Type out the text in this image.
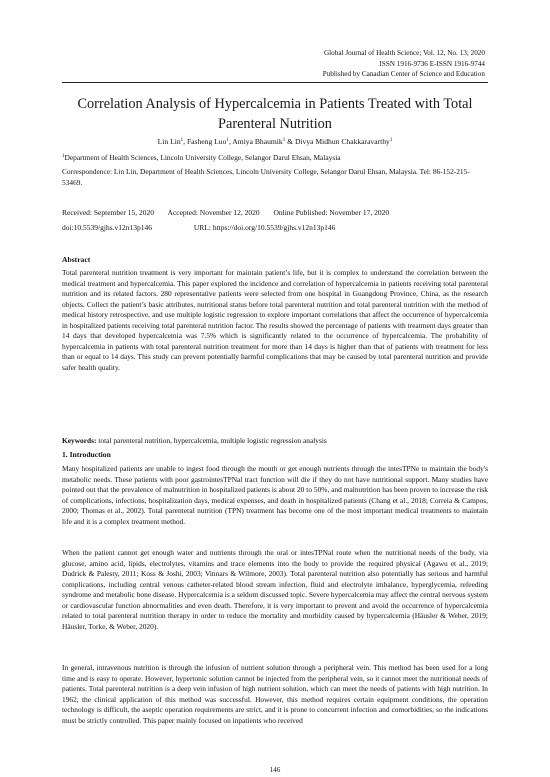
Global Journal of Health Science; Vol. 12, No. 13; 2020
ISSN 1916-9736 E-ISSN 1916-9744
Published by Canadian Center of Science and Education
Correlation Analysis of Hypercalcemia in Patients Treated with Total Parenteral Nutrition
Lin Lin$^1$, Fasheng Luo$^1$, Amiya Bhaumik$^1$ & Divya Midhun Chakkaravarthy$^1$
$^1$Department of Health Sciences, Lincoln University College, Selangor Darul Ehsan, Malaysia
Correspondence: Lin Lin, Department of Health Sciences, Lincoln University College, Selangor Darul Ehsan, Malaysia. Tel: 86-152-215-53469.
Received: September 15, 2020 Accepted: November 12, 2020 Online Published: November 17, 2020
doi:10.5539/gjhs.v12n13p146	URL: https://doi.org/10.5539/gjhs.v12n13p146
Abstract
Total parenteral nutrition treatment is very important for maintain patient’s life, but it is complex to understand the correlation between the medical treatment and hypercalcemia. This paper explored the incidence and correlation of hypercalcemia in patients receiving total parenteral nutrition and its related factors. 280 representative patients were selected from one hospital in Guangdong Province, China, as the research objects. Collect the patient’s basic attributes, nutritional status before total parenteral nutrition and total parenteral nutrition with the method of medical history retrospective, and use multiple logistic regression to explore important correlations that affect the occurrence of hypercalcemia in hospitalized patients receiving total parenteral nutrition factor. The results showed the percentage of patients with treatment days greater than 14 days that developed hypercalcemia was 7.5% which is significantly related to the occurrence of hypercalcemia. The probability of hypercalcemia in patients with total parenteral nutrition treatment for more than 14 days is higher than that of patients with treatment for less than or equal to 14 days. This study can prevent potentially harmful complications that may be caused by total parenteral nutrition and provide safer health quality.
Keywords: total parenteral nutrition, hypercalcemia, multiple logistic regression analysis
1. Introduction
Many hospitalized patients are unable to ingest food through the mouth or get enough nutrients through the intesTPNe to maintain the body's metabolic needs. These patients with poor gastrointesTPNal tract function will die if they do not have nutritional support. Many studies have pointed out that the prevalence of malnutrition in hospitalized patients is about 20 to 50%, and malnutrition has been proven to increase the risk of complications, infections, hospitalization days, medical expenses, and death in hospitalized patients (Chang et al., 2018; Correia & Campos, 2000; Thomas et al., 2002). Total parenteral nutrition (TPN) treatment has become one of the most important medical treatments to maintain life and it is a complex treatment method.
When the patient cannot get enough water and nutrients through the oral or intesTPNal route when the nutritional needs of the body, via glucose, amino acid, lipids, electrolytes, vitamins and trace elements into the body to provide the required physical (Agawu et al., 2019; Dudrick & Palesty, 2011; Koss & Joshi, 2003; Vinnars & Wilmore, 2003). Total parenteral nutrition also potentially has serious and harmful complications, including central venous catheter-related blood stream infection, fluid and electrolyte imbalance, hyperglycemia, refeeding syndrome and metabolic bone disease. Hypercalcemia is a seldom discussed topic. Severe hypercalcemia may affect the central nervous system or cardiovascular function abnormalities and even death. Therefore, it is very important to prevent and avoid the occurrence of hypercalcemia related to total parenteral nutrition therapy in order to reduce the mortality and morbidity caused by hypercalcemia (Häusler & Weber, 2019; Häusler, Torke, & Weber, 2020).
In general, intravenous nutrition is through the infusion of nutrient solution through a peripheral vein. This method has been used for a long time and is easy to operate. However, hypertonic solution cannot be injected from the peripheral vein, so it cannot meet the nutritional needs of patients. Total parenteral nutrition is a deep vein infusion of high nutrient solution, which can meet the needs of patients with high nutrition. In 1962, the clinical application of this method was successful. However, this method requires certain equipment conditions, the operation technology is difficult, the aseptic operation requirements are strict, and it is prone to concurrent infection and comorbidities, so the indications must be strictly controlled. This paper mainly focused on inpatients who received
146
